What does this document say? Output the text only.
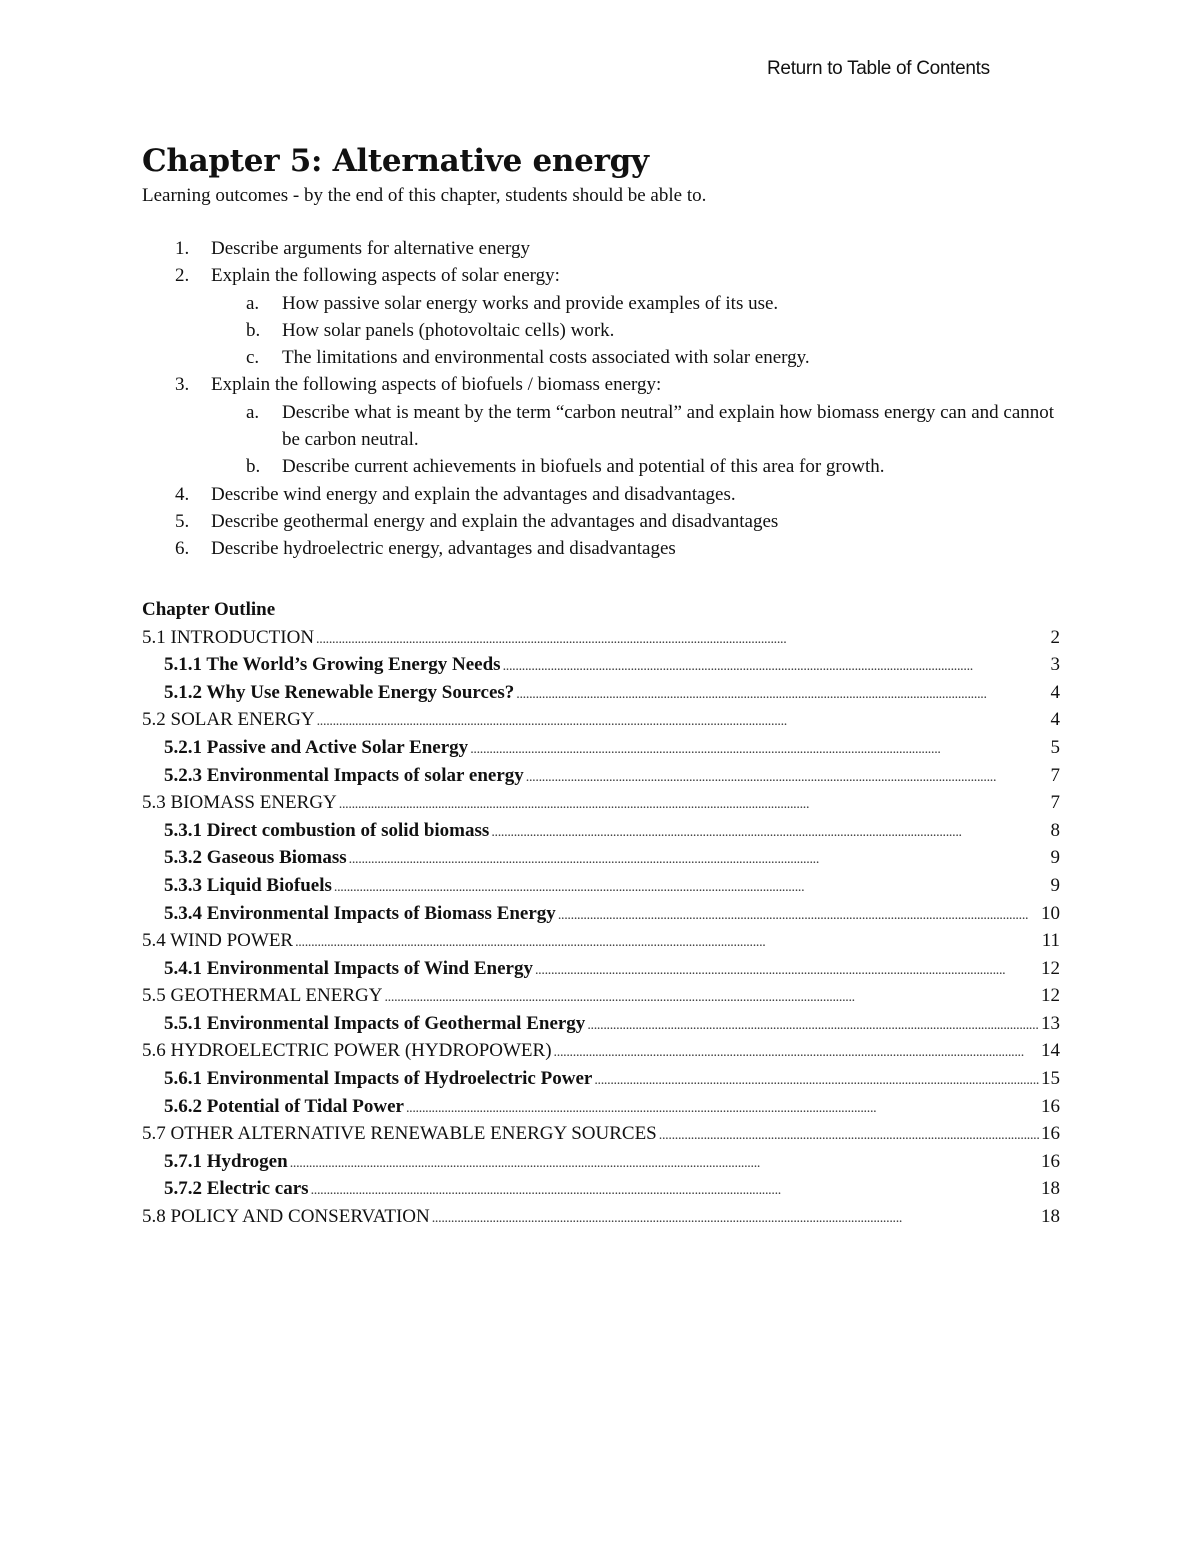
Return to Table of Contents
Chapter 5: Alternative energy

Learning outcomes - by the end of this chapter, students should be able to.

1. Describe arguments for alternative energy
2. Explain the following aspects of solar energy:
a. How passive solar energy works and provide examples of its use.
b. How solar panels (photovoltaic cells) work.
c. The limitations and environmental costs associated with solar energy.
3. Explain the following aspects of biofuels / biomass energy:
a. Describe what is meant by the term “carbon neutral” and explain how biomass energy can and cannot be carbon neutral.
b. Describe current achievements in biofuels and potential of this area for growth.
4. Describe wind energy and explain the advantages and disadvantages.
5. Describe geothermal energy and explain the advantages and disadvantages
6. Describe hydroelectric energy, advantages and disadvantages
Chapter Outline
5.1 INTRODUCTION . . .	2
5.1.1 The World’s Growing Energy Needs . . .	3
5.1.2 Why Use Renewable Energy Sources? . . .	4
5.2 SOLAR ENERGY . . .	4
5.2.1 Passive and Active Solar Energy . . .	5
5.2.3 Environmental Impacts of solar energy . . .	7
5.3 BIOMASS ENERGY . . .	7
5.3.1 Direct combustion of solid biomass . . .	8
5.3.2 Gaseous Biomass . . .	9
5.3.3 Liquid Biofuels . . .	9
5.3.4 Environmental Impacts of Biomass Energy . . .	10
5.4 WIND POWER . . .	11
5.4.1 Environmental Impacts of Wind Energy . . .	12
5.5 GEOTHERMAL ENERGY . . .	12
5.5.1 Environmental Impacts of Geothermal Energy . . .	13
5.6 HYDROELECTRIC POWER (HYDROPOWER) . . .	14
5.6.1 Environmental Impacts of Hydroelectric Power . . .	15
5.6.2 Potential of Tidal Power . . .	16
5.7 OTHER ALTERNATIVE RENEWABLE ENERGY SOURCES . . .	16
5.7.1 Hydrogen . . .	16
5.7.2 Electric cars . . .	18
5.8 POLICY AND CONSERVATION . . .	18
